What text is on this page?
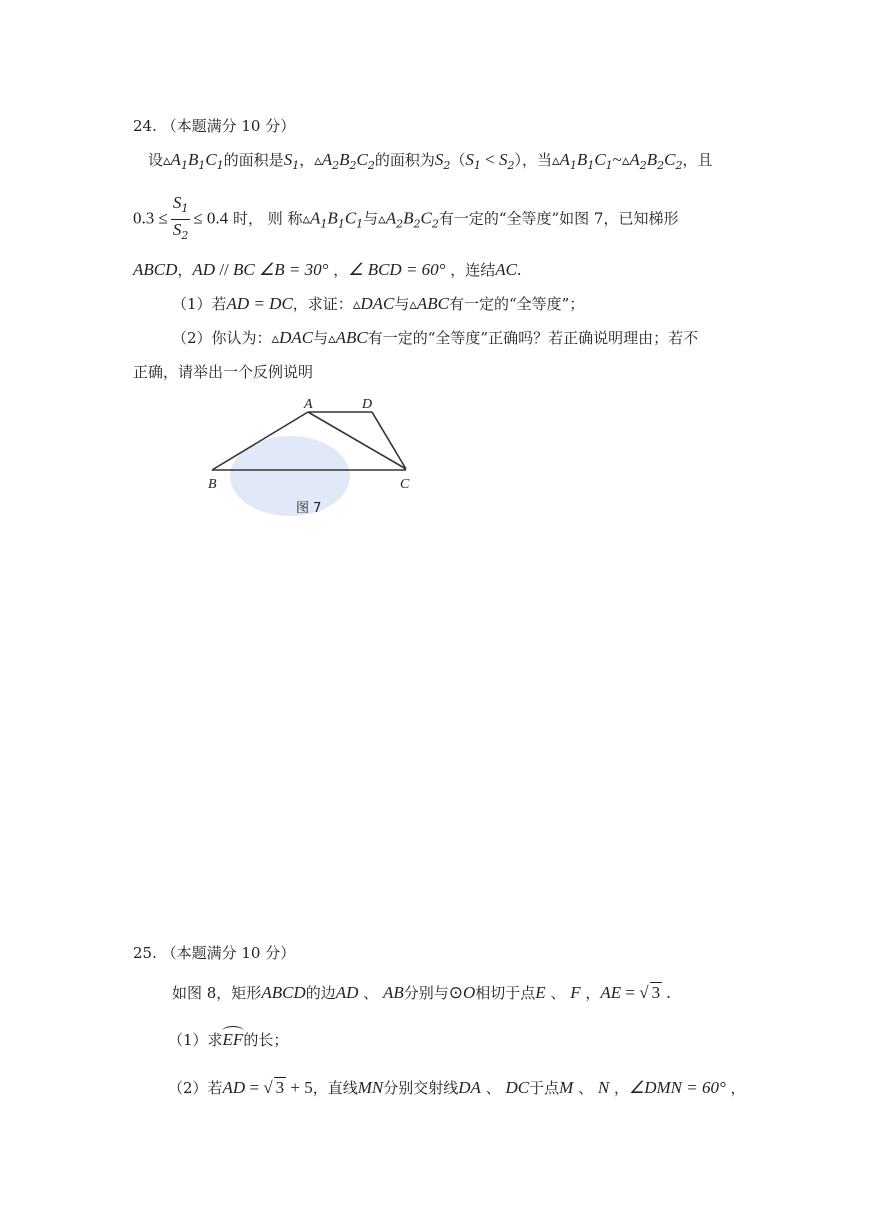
24. （本题满分 10 分）
设$▵A_1B_1C_1$的面积是$S_1$，$▵A_2B_2C_2$的面积为$S_2(S_1 < S_2)$，当$▵A_1B_1C_1\sim▵A_2B_2C_2$，且
$0.3 \le \frac{S_1}{S_2} \le 0.4$ 时， 则 称$▵A_1B_1C_1$与$▵A_2B_2C_2$有一定的“全等度”如图 7，已知梯形
ABCD，AD // BC ∠B = 30° ，∠ BCD = 60° ，连结AC.
（1）若AD = DC，求证：▵DAC与▵ABC有一定的“全等度”；
（2）你认为：▵DAC与▵ABC有一定的“全等度”正确吗？若正确说明理由；若不
正确，请举出一个反例说明
A	D
B	C
图 7
25. （本题满分 10 分）
如图 8，矩形ABCD的边AD 、 AB分别与⊙O相切于点E 、 F ，AE = √ 3 .
（1）求EF的长；
（2）若AD = √ 3 + 5，直线MN分别交射线DA 、 DC于点M 、 N ，∠DMN = 60° ，
